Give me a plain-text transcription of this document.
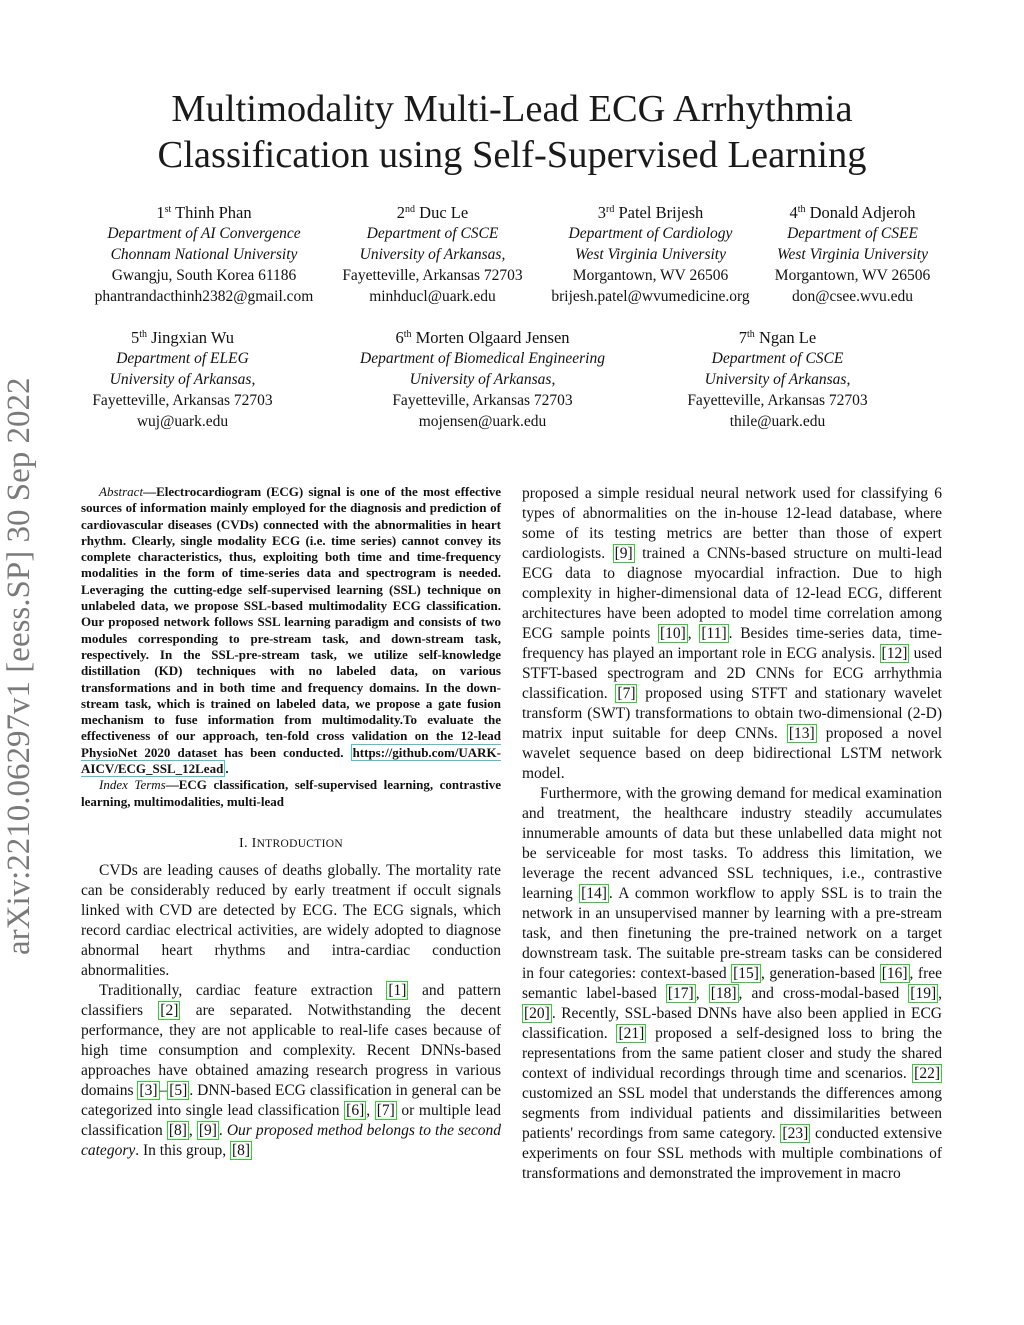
Multimodality Multi-Lead ECG Arrhythmia
Classification using Self-Supervised Learning
1st Thinh Phan
Department of AI Convergence
Chonnam National University
Gwangju, South Korea 61186
phantrandacthinh2382@gmail.com
2nd Duc Le
Department of CSCE
University of Arkansas,
Fayetteville, Arkansas 72703
minhducl@uark.edu
3rd Patel Brijesh
Department of Cardiology
West Virginia University
Morgantown, WV 26506
brijesh.patel@wvumedicine.org
4th Donald Adjeroh
Department of CSEE
West Virginia University
Morgantown, WV 26506
don@csee.wvu.edu
5th Jingxian Wu
Department of ELEG
University of Arkansas,
Fayetteville, Arkansas 72703
wuj@uark.edu
6th Morten Olgaard Jensen
Department of Biomedical Engineering
University of Arkansas,
Fayetteville, Arkansas 72703
mojensen@uark.edu
7th Ngan Le
Department of CSCE
University of Arkansas,
Fayetteville, Arkansas 72703
thile@uark.edu
arXiv:2210.06297v1 [eess.SP] 30 Sep 2022	Abstract—Electrocardiogram (ECG) signal is one of the most effective sources of information mainly employed for the diagnosis and prediction of cardiovascular diseases (CVDs) connected with the abnormalities in heart rhythm. Clearly, single modality ECG (i.e. time series) cannot convey its complete characteristics, thus, exploiting both time and time-frequency modalities in the form of time-series data and spectrogram is needed. Leveraging the cutting-edge self-supervised learning (SSL) technique on unlabeled data, we propose SSL-based multimodality ECG classification. Our proposed network follows SSL learning paradigm and consists of two modules corresponding to pre-stream task, and down-stream task, respectively. In the SSL-pre-stream task, we utilize self-knowledge distillation (KD) techniques with no labeled data, on various transformations and in both time and frequency domains. In the down-stream task, which is trained on labeled data, we propose a gate fusion mechanism to fuse information from multimodality.To evaluate the effectiveness of our approach, ten-fold cross validation on the 12-lead PhysioNet 2020 dataset has been conducted. https://github.com/UARK-AICV/ECG_SSL_12Lead .

Index Terms—ECG classification, self-supervised learning, contrastive learning, multimodalities, multi-lead

I. INTRODUCTION

CVDs are leading causes of deaths globally. The mortality rate can be considerably reduced by early treatment if occult signals linked with CVD are detected by ECG. The ECG signals, which record cardiac electrical activities, are widely adopted to diagnose abnormal heart rhythms and intra-cardiac conduction abnormalities.

Traditionally, cardiac feature extraction [1] and pattern classifiers [2] are separated. Notwithstanding the decent performance, they are not applicable to real-life cases because of high time consumption and complexity. Recent DNNs-based approaches have obtained amazing research progress in various domains [3] – [5] . DNN-based ECG classification in general can be categorized into single lead classification [6] , [7] or multiple lead classification [8] , [9] . Our proposed method belongs to the second category. In this group, [8]

proposed a simple residual neural network used for classifying 6 types of abnormalities on the in-house 12-lead database, where some of its testing metrics are better than those of expert cardiologists. [9] trained a CNNs-based structure on multi-lead ECG data to diagnose myocardial infraction. Due to high complexity in higher-dimensional data of 12-lead ECG, different architectures have been adopted to model time correlation among ECG sample points [10] , [11] . Besides time-series data, time-frequency has played an important role in ECG analysis. [12] used STFT-based spectrogram and 2D CNNs for ECG arrhythmia classification. [7] proposed using STFT and stationary wavelet transform (SWT) transformations to obtain two-dimensional (2-D) matrix input suitable for deep CNNs. [13] proposed a novel wavelet sequence based on deep bidirectional LSTM network model.

Furthermore, with the growing demand for medical examination and treatment, the healthcare industry steadily accumulates innumerable amounts of data but these unlabelled data might not be serviceable for most tasks. To address this limitation, we leverage the recent advanced SSL techniques, i.e., contrastive learning [14] . A common workflow to apply SSL is to train the network in an unsupervised manner by learning with a pre-stream task, and then finetuning the pre-trained network on a target downstream task. The suitable pre-stream tasks can be considered in four categories: context-based [15] , generation-based [16] , free semantic label-based [17] , [18] , and cross-modal-based [19] , [20] . Recently, SSL-based DNNs have also been applied in ECG classification. [21] proposed a self-designed loss to bring the representations from the same patient closer and study the shared context of individual recordings through time and scenarios. [22] customized an SSL model that understands the differences among segments from individual patients and dissimilarities between patients' recordings from same category. [23] conducted extensive experiments on four SSL methods with multiple combinations of transformations and demonstrated the improvement in macro
